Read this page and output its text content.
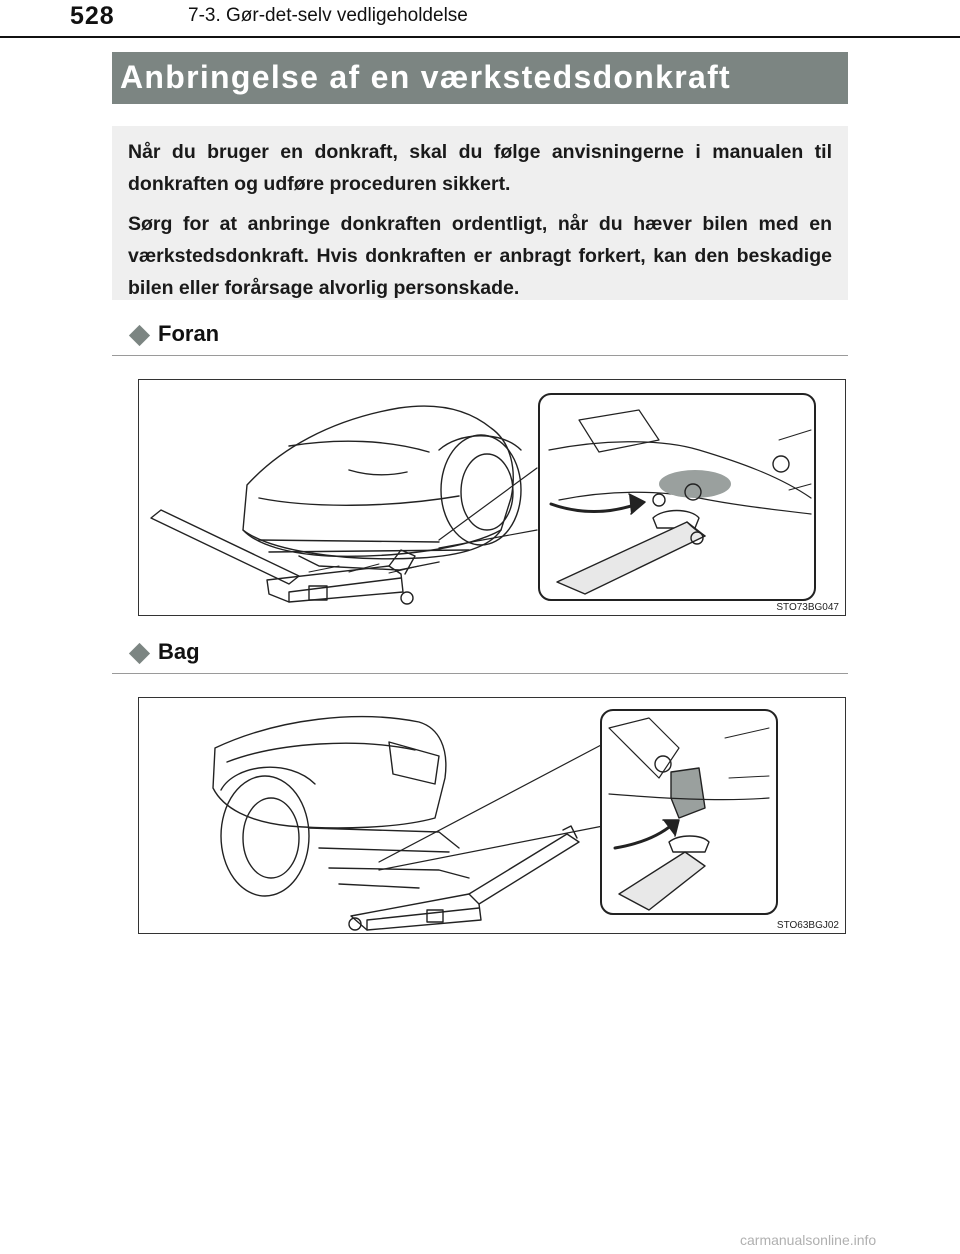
528	7-3. Gør-det-selv vedligeholdelse
Anbringelse af en værkstedsdonkraft

Når du bruger en donkraft, skal du følge anvisningerne i manualen til donkraften og udføre proceduren sikkert.

Sørg for at anbringe donkraften ordentligt, når du hæver bilen med en værkstedsdonkraft. Hvis donkraften er anbragt forkert, kan den beskadige bilen eller forårsage alvorlig personskade.

Foran
STO73BG047
Bag
STO63BGJ02
carmanualsonline.info
